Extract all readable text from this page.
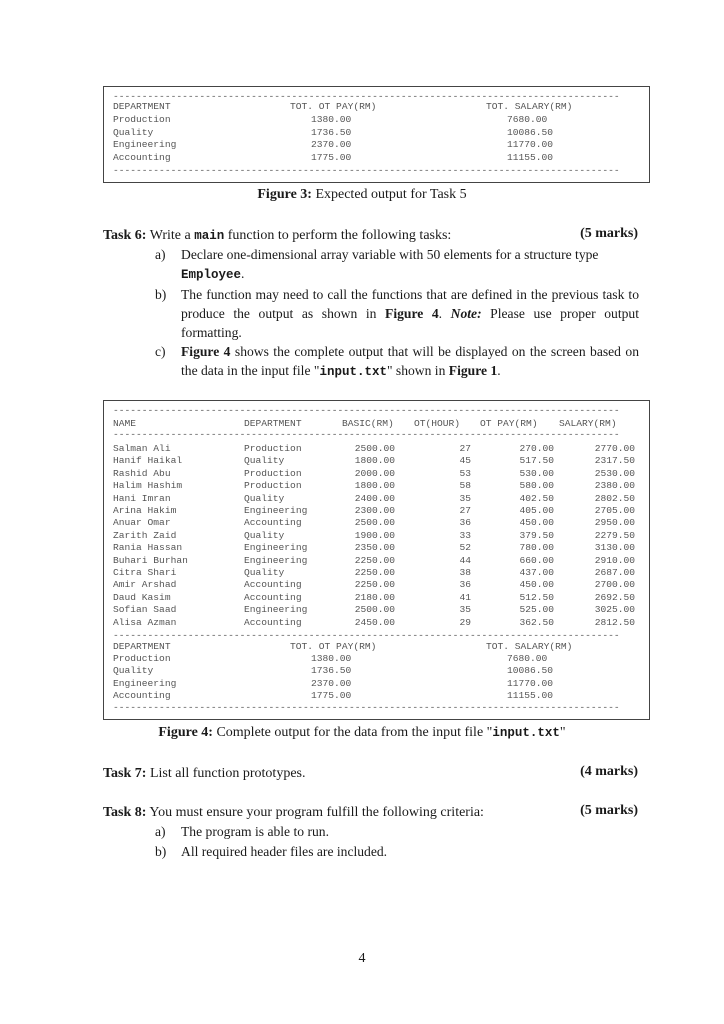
----------------------------------------------------------------------------------------
DEPARTMENT	TOT. OT PAY(RM)	TOT. SALARY(RM)
Production	1380.00	7680.00
Quality	1736.50	10086.50
Engineering	2370.00	11770.00
Accounting	1775.00	11155.00
----------------------------------------------------------------------------------------
Figure 3: Expected output for Task 5
Task 6: Write a main function to perform the following tasks:	(5 marks)
a) Declare one-dimensional array variable with 50 elements for a structure type
Employee.
b) The function may need to call the functions that are defined in the previous task to produce the output as shown in Figure 4. Note: Please use proper output formatting.
c) Figure 4 shows the complete output that will be displayed on the screen based on the data in the input file "input.txt" shown in Figure 1.
----------------------------------------------------------------------------------------
NAME	DEPARTMENT	BASIC(RM) OT(HOUR) OT PAY(RM) SALARY(RM)
----------------------------------------------------------------------------------------
Salman Ali	Production	2500.00	27	270.00	2770.00
Hanif Haikal	Quality	1800.00	45	517.50	2317.50
Rashid Abu	Production	2000.00	53	530.00	2530.00
Halim Hashim	Production	1800.00	58	580.00	2380.00
Hani Imran	Quality	2400.00	35	402.50	2802.50
Arina Hakim	Engineering	2300.00	27	405.00	2705.00
Anuar Omar	Accounting	2500.00	36	450.00	2950.00
Zarith Zaid	Quality	1900.00	33	379.50	2279.50
Rania Hassan	Engineering	2350.00	52	780.00	3130.00
Buhari Burhan	Engineering	2250.00	44	660.00	2910.00
Citra Shari	Quality	2250.00	38	437.00	2687.00
Amir Arshad	Accounting	2250.00	36	450.00	2700.00
Daud Kasim	Accounting	2180.00	41	512.50	2692.50
Sofian Saad	Engineering	2500.00	35	525.00	3025.00
Alisa Azman	Accounting	2450.00	29	362.50	2812.50
----------------------------------------------------------------------------------------
DEPARTMENT	TOT. OT PAY(RM)	TOT. SALARY(RM)
Production	1380.00	7680.00
Quality	1736.50	10086.50
Engineering	2370.00	11770.00
Accounting	1775.00	11155.00
----------------------------------------------------------------------------------------
Figure 4: Complete output for the data from the input file "input.txt"
Task 7: List all function prototypes.	(4 marks)
Task 8: You must ensure your program fulfill the following criteria:	(5 marks)
a) The program is able to run.
b) All required header files are included.
4
